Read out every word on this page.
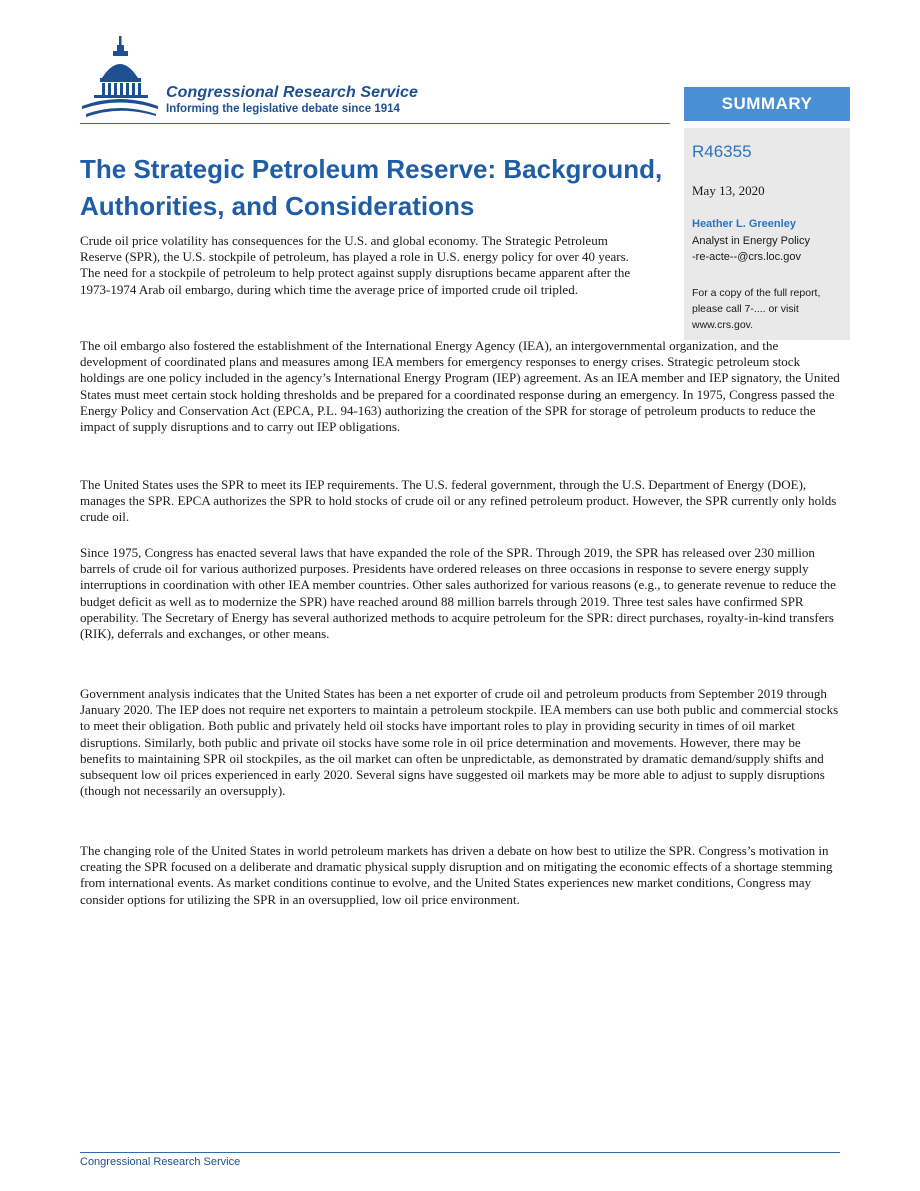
Congressional Research Service
Informing the legislative debate since 1914	SUMMARY
R46355
May 13, 2020
Heather L. Greenley
Analyst in Energy Policy
-re-acte--@crs.loc.gov
For a copy of the full report, please call 7-.... or visit www.crs.gov.
The Strategic Petroleum Reserve: Background, Authorities, and Considerations

Crude oil price volatility has consequences for the U.S. and global economy. The Strategic Petroleum Reserve (SPR), the U.S. stockpile of petroleum, has played a role in U.S. energy policy for over 40 years. The need for a stockpile of petroleum to help protect against supply disruptions became apparent after the 1973-1974 Arab oil embargo, during which time the average price of imported crude oil tripled.

The oil embargo also fostered the establishment of the International Energy Agency (IEA), an intergovernmental organization, and the development of coordinated plans and measures among IEA members for emergency responses to energy crises. Strategic petroleum stock holdings are one policy included in the agency’s International Energy Program (IEP) agreement. As an IEA member and IEP signatory, the United States must meet certain stock holding thresholds and be prepared for a coordinated response during an emergency. In 1975, Congress passed the Energy Policy and Conservation Act (EPCA, P.L. 94-163) authorizing the creation of the SPR for storage of petroleum products to reduce the impact of supply disruptions and to carry out IEP obligations.

The United States uses the SPR to meet its IEP requirements. The U.S. federal government, through the U.S. Department of Energy (DOE), manages the SPR. EPCA authorizes the SPR to hold stocks of crude oil or any refined petroleum product. However, the SPR currently only holds crude oil.

Since 1975, Congress has enacted several laws that have expanded the role of the SPR. Through 2019, the SPR has released over 230 million barrels of crude oil for various authorized purposes. Presidents have ordered releases on three occasions in response to severe energy supply interruptions in coordination with other IEA member countries. Other sales authorized for various reasons (e.g., to generate revenue to reduce the budget deficit as well as to modernize the SPR) have reached around 88 million barrels through 2019. Three test sales have confirmed SPR operability. The Secretary of Energy has several authorized methods to acquire petroleum for the SPR: direct purchases, royalty-in-kind transfers (RIK), deferrals and exchanges, or other means.

Government analysis indicates that the United States has been a net exporter of crude oil and petroleum products from September 2019 through January 2020. The IEP does not require net exporters to maintain a petroleum stockpile. IEA members can use both public and commercial stocks to meet their obligation. Both public and privately held oil stocks have important roles to play in providing security in times of oil market disruptions. Similarly, both public and private oil stocks have some role in oil price determination and movements. However, there may be benefits to maintaining SPR oil stockpiles, as the oil market can often be unpredictable, as demonstrated by dramatic demand/supply shifts and subsequent low oil prices experienced in early 2020. Several signs have suggested oil markets may be more able to adjust to supply disruptions (though not necessarily an oversupply).

The changing role of the United States in world petroleum markets has driven a debate on how best to utilize the SPR. Congress’s motivation in creating the SPR focused on a deliberate and dramatic physical supply disruption and on mitigating the economic effects of a shortage stemming from international events. As market conditions continue to evolve, and the United States experiences new market conditions, Congress may consider options for utilizing the SPR in an oversupplied, low oil price environment.

Congressional Research Service
